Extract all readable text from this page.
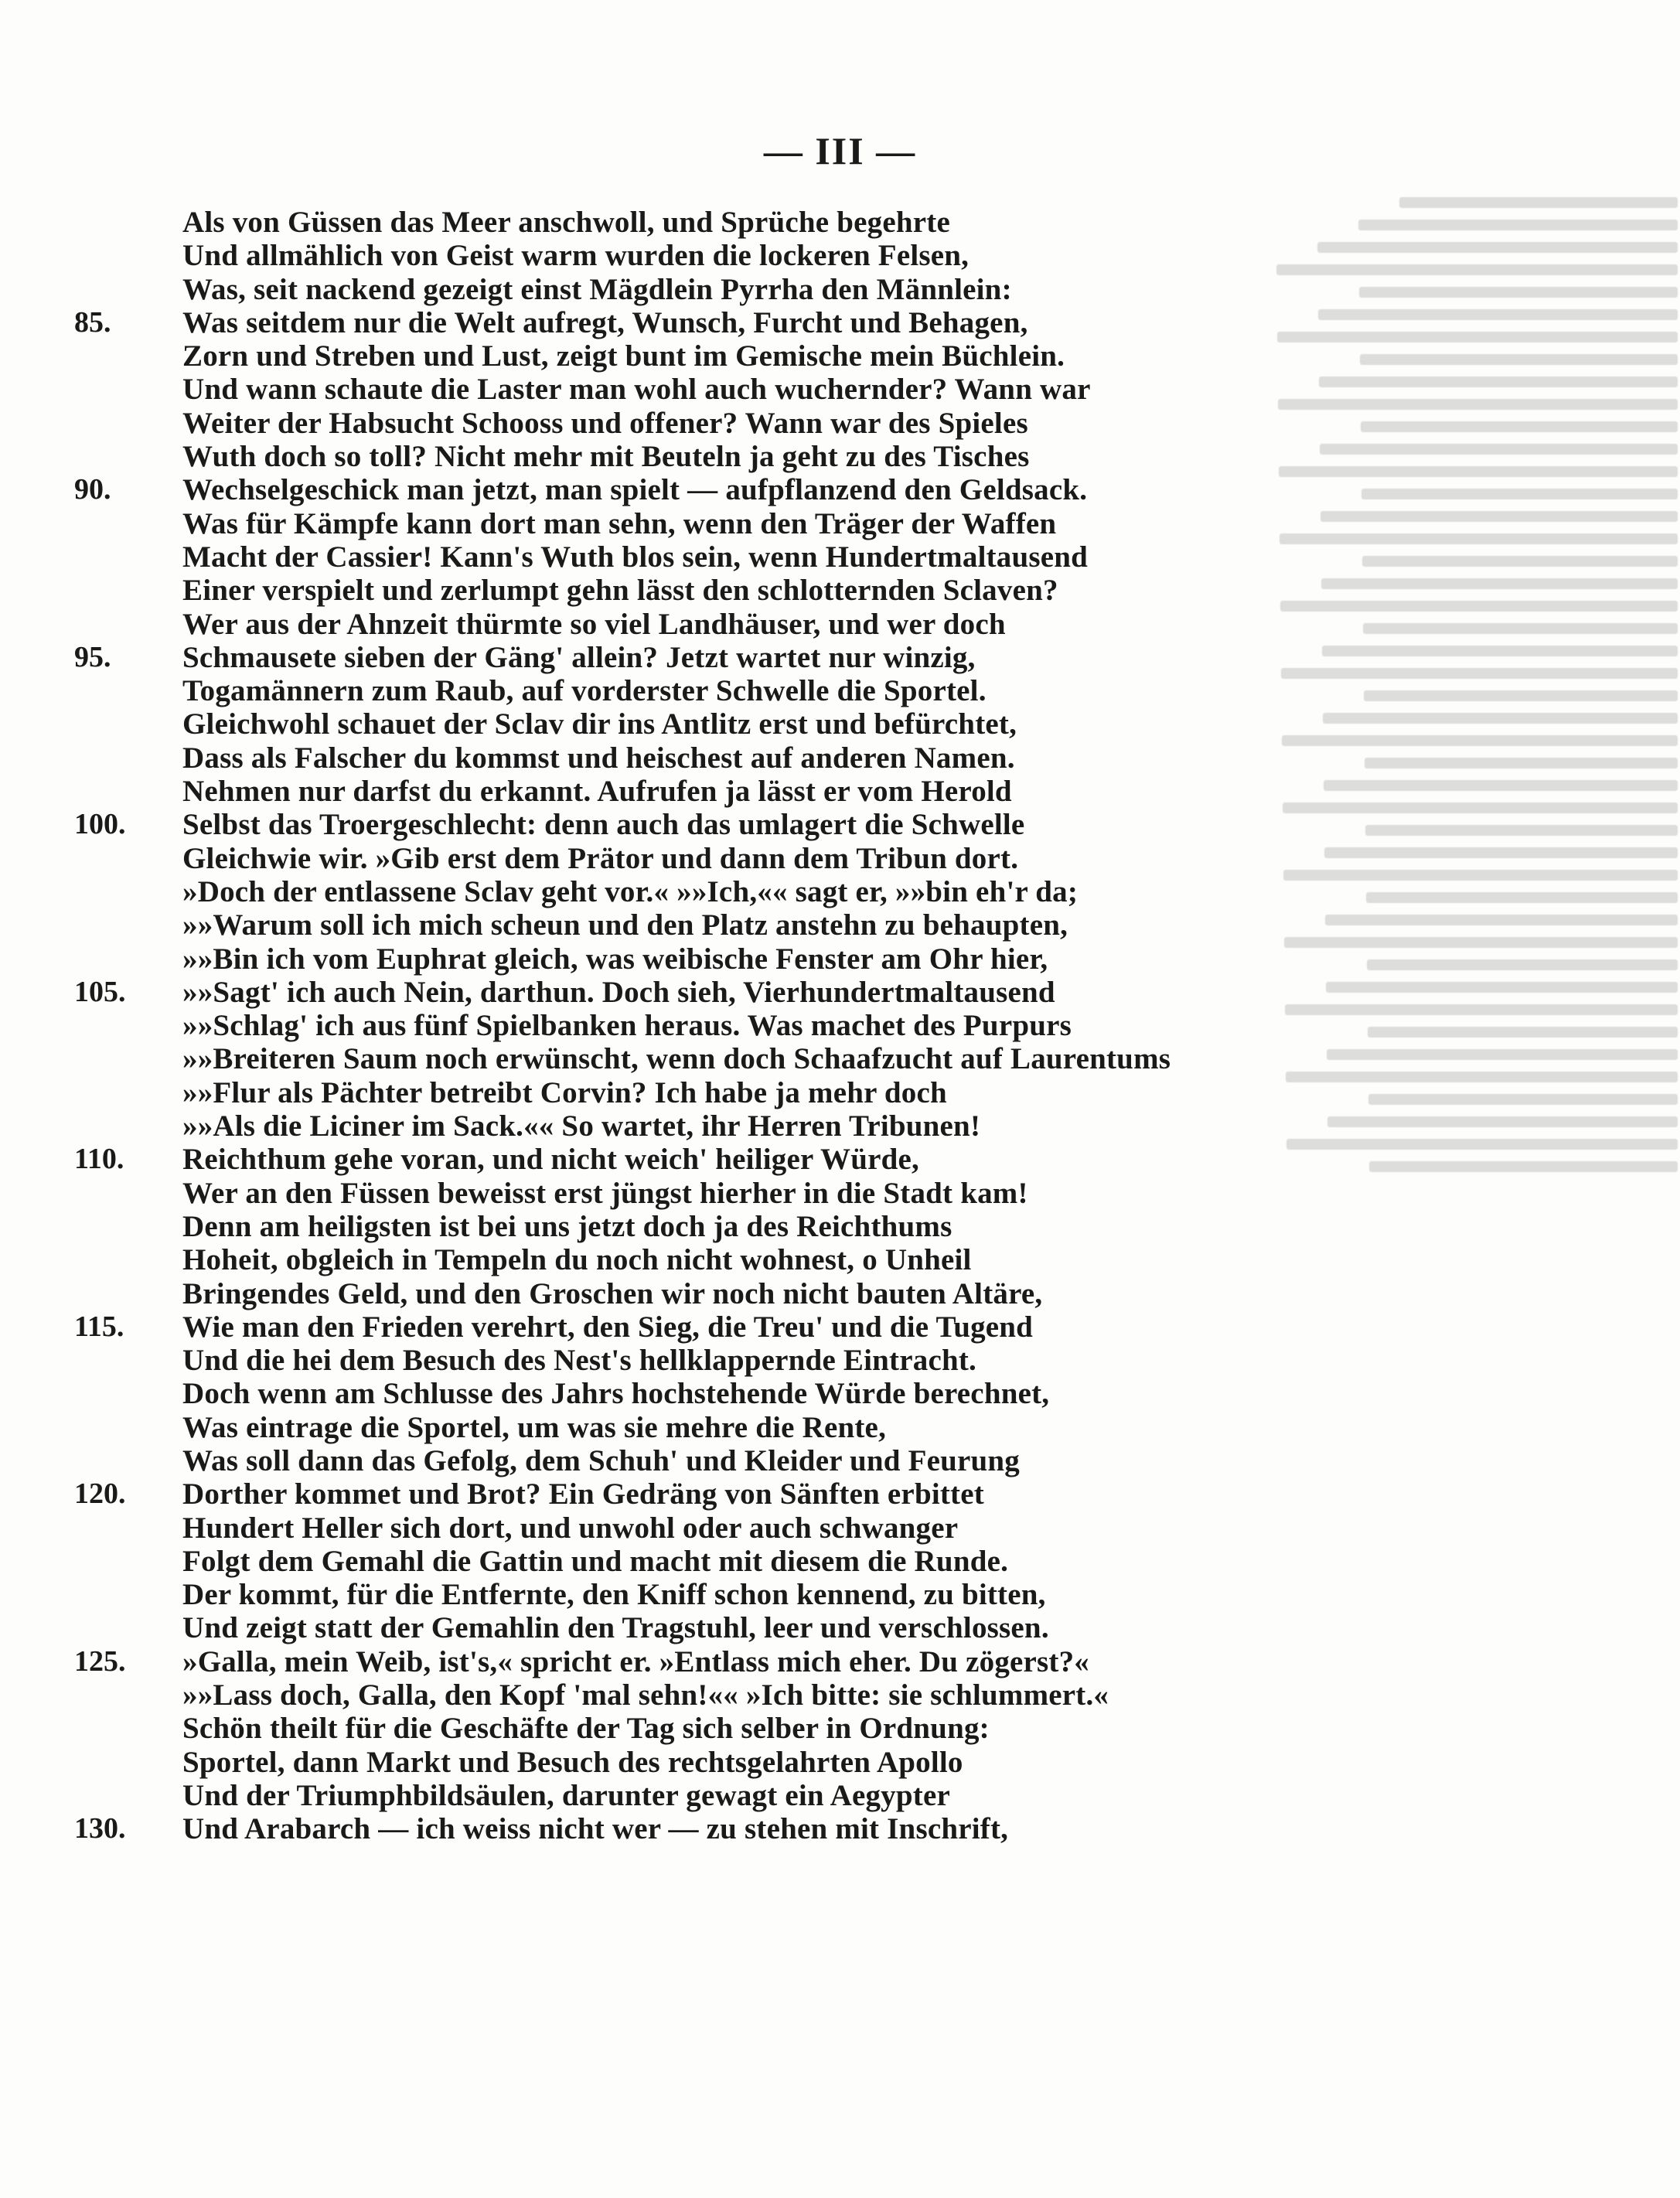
— III —
Als von Güssen das Meer anschwoll, und Sprüche begehrte
Und allmählich von Geist warm wurden die lockeren Felsen,
Was, seit nackend gezeigt einst Mägdlein Pyrrha den Männlein:
85.	Was seitdem nur die Welt aufregt, Wunsch, Furcht und Behagen,
Zorn und Streben und Lust, zeigt bunt im Gemische mein Büchlein.
Und wann schaute die Laster man wohl auch wuchernder? Wann war
Weiter der Habsucht Schooss und offener? Wann war des Spieles
Wuth doch so toll? Nicht mehr mit Beuteln ja geht zu des Tisches
90.	Wechselgeschick man jetzt, man spielt — aufpflanzend den Geldsack.
Was für Kämpfe kann dort man sehn, wenn den Träger der Waffen
Macht der Cassier! Kann's Wuth blos sein, wenn Hundertmaltausend
Einer verspielt und zerlumpt gehn lässt den schlotternden Sclaven?
Wer aus der Ahnzeit thürmte so viel Landhäuser, und wer doch
95.	Schmausete sieben der Gäng' allein? Jetzt wartet nur winzig,
Togamännern zum Raub, auf vorderster Schwelle die Sportel.
Gleichwohl schauet der Sclav dir ins Antlitz erst und befürchtet,
Dass als Falscher du kommst und heischest auf anderen Namen.
Nehmen nur darfst du erkannt. Aufrufen ja lässt er vom Herold
100.	Selbst das Troergeschlecht: denn auch das umlagert die Schwelle
Gleichwie wir. »Gib erst dem Prätor und dann dem Tribun dort.
»Doch der entlassene Sclav geht vor.« »»Ich,«« sagt er, »»bin eh'r da;
»»Warum soll ich mich scheun und den Platz anstehn zu behaupten,
»»Bin ich vom Euphrat gleich, was weibische Fenster am Ohr hier,
105.	»»Sagt' ich auch Nein, darthun. Doch sieh, Vierhundertmaltausend
»»Schlag' ich aus fünf Spielbanken heraus. Was machet des Purpurs
»»Breiteren Saum noch erwünscht, wenn doch Schaafzucht auf Laurentums
»»Flur als Pächter betreibt Corvin? Ich habe ja mehr doch
»»Als die Liciner im Sack.«« So wartet, ihr Herren Tribunen!
110.	Reichthum gehe voran, und nicht weich' heiliger Würde,
Wer an den Füssen beweisst erst jüngst hierher in die Stadt kam!
Denn am heiligsten ist bei uns jetzt doch ja des Reichthums
Hoheit, obgleich in Tempeln du noch nicht wohnest, o Unheil
Bringendes Geld, und den Groschen wir noch nicht bauten Altäre,
115.	Wie man den Frieden verehrt, den Sieg, die Treu' und die Tugend
Und die hei dem Besuch des Nest's hellklappernde Eintracht.
Doch wenn am Schlusse des Jahrs hochstehende Würde berechnet,
Was eintrage die Sportel, um was sie mehre die Rente,
Was soll dann das Gefolg, dem Schuh' und Kleider und Feurung
120.	Dorther kommet und Brot? Ein Gedräng von Sänften erbittet
Hundert Heller sich dort, und unwohl oder auch schwanger
Folgt dem Gemahl die Gattin und macht mit diesem die Runde.
Der kommt, für die Entfernte, den Kniff schon kennend, zu bitten,
Und zeigt statt der Gemahlin den Tragstuhl, leer und verschlossen.
125.	»Galla, mein Weib, ist's,« spricht er. »Entlass mich eher. Du zögerst?«
»»Lass doch, Galla, den Kopf 'mal sehn!«« »Ich bitte: sie schlummert.«
Schön theilt für die Geschäfte der Tag sich selber in Ordnung:
Sportel, dann Markt und Besuch des rechtsgelahrten Apollo
Und der Triumphbildsäulen, darunter gewagt ein Aegypter
130.	Und Arabarch — ich weiss nicht wer — zu stehen mit Inschrift,
